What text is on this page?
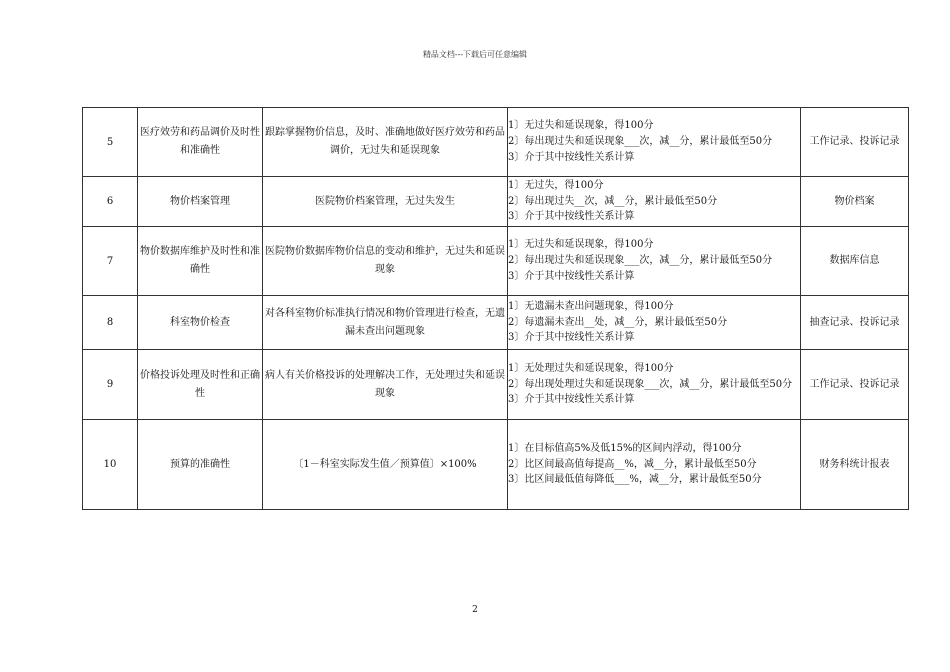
精品文档---下载后可任意编辑
5	医疗效劳和药品调价及时性和准确性	跟踪掌握物价信息，及时、准确地做好医疗效劳和药品调价，无过失和延误现象	1〕无过失和延误现象，得100分
2〕每出现过失和延误现象___次，减__分，累计最低至50分
3〕介于其中按线性关系计算	工作记录、投诉记录
6	物价档案管理	医院物价档案管理，无过失发生	1〕无过失，得100分
2〕每出现过失__次，减__分，累计最低至50分
3〕介于其中按线性关系计算	物价档案
7	物价数据库维护及时性和准确性	医院物价数据库物价信息的变动和维护，无过失和延误现象	1〕无过失和延误现象，得100分
2〕每出现过失和延误现象___次，减__分，累计最低至50分
3〕介于其中按线性关系计算	数据库信息
8	科室物价检查	对各科室物价标准执行情况和物价管理进行检查，无遗漏未查出问题现象	1〕无遗漏未查出问题现象，得100分
2〕每遗漏未查出__处，减__分，累计最低至50分
3〕介于其中按线性关系计算	抽查记录、投诉记录
9	价格投诉处理及时性和正确性	病人有关价格投诉的处理解决工作，无处理过失和延误现象	1〕无处理过失和延误现象，得100分
2〕每出现处理过失和延误现象___次，减__分，累计最低至50分
3〕介于其中按线性关系计算	工作记录、投诉记录
10	预算的准确性	〔1－科室实际发生值／预算值〕×100%	1〕在目标值高5%及低15%的区间内浮动，得100分
2〕比区间最高值每提高__%，减__分，累计最低至50分
3〕比区间最低值每降低___%，减__分，累计最低至50分	财务科统计报表
2
